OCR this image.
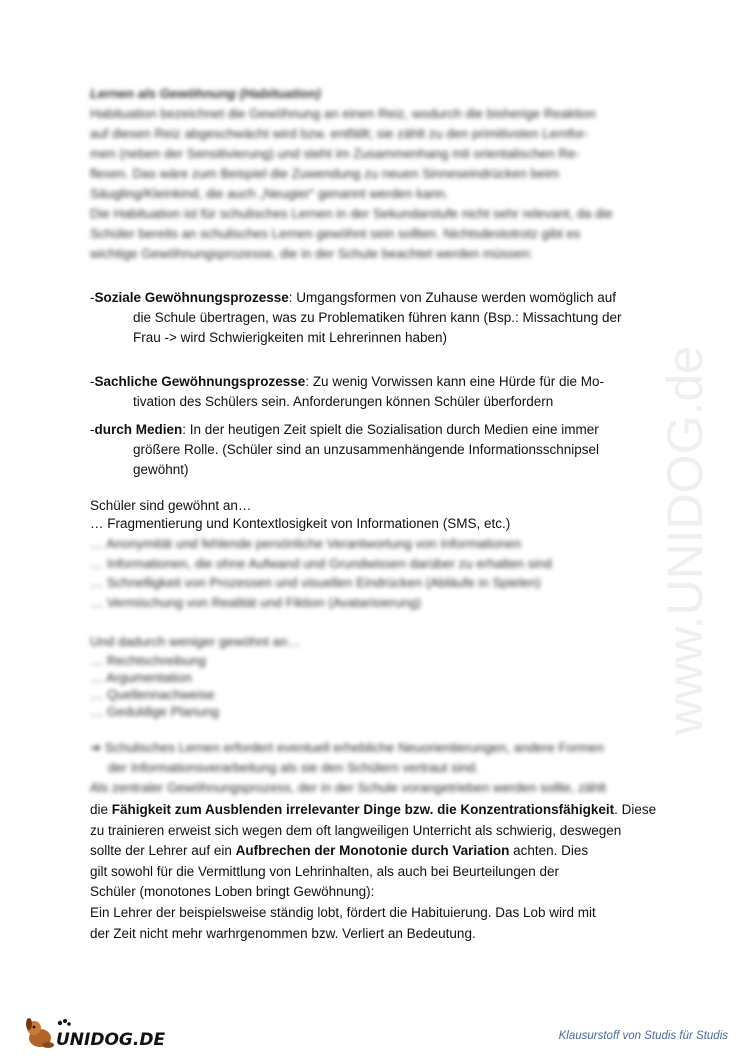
Lernen als Gewöhnung (Habituation)
Habituation bezeichnet die Gewöhnung an einen Reiz, wodurch die bisherige Reaktion
auf diesen Reiz abgeschwächt wird bzw. entfällt; sie zählt zu den primitivsten Lernfor-
men (neben der Sensitivierung) und steht im Zusammenhang mit orientalischen Re-
flexen. Das wäre zum Beispiel die Zuwendung zu neuen Sinneseindrücken beim
Säugling/Kleinkind, die auch „Neugier“ genannt werden kann.
Die Habituation ist für schulisches Lernen in der Sekundarstufe nicht sehr relevant, da die
Schüler bereits an schulisches Lernen gewöhnt sein sollten. Nichtsdestotrotz gibt es
wichtige Gewöhnungsprozesse, die in der Schule beachtet werden müssen:
-Soziale Gewöhnungsprozesse: Umgangsformen von Zuhause werden womöglich auf
die Schule übertragen, was zu Problematiken führen kann (Bsp.: Missachtung der
Frau -> wird Schwierigkeiten mit Lehrerinnen haben)
-Sachliche Gewöhnungsprozesse: Zu wenig Vorwissen kann eine Hürde für die Mo-
tivation des Schülers sein. Anforderungen können Schüler überfordern
-durch Medien: In der heutigen Zeit spielt die Sozialisation durch Medien eine immer
größere Rolle. (Schüler sind an unzusammenhängende Informationsschnipsel
gewöhnt)
Schüler sind gewöhnt an…
… Fragmentierung und Kontextlosigkeit von Informationen (SMS, etc.)
… Anonymität und fehlende persönliche Verantwortung von Informationen
… Informationen, die ohne Aufwand und Grundwissen darüber zu erhalten sind
… Schnelligkeit von Prozessen und visuellen Eindrücken (Abläufe in Spielen)
… Vermischung von Realität und Fiktion (Avatarisierung)
Und dadurch weniger gewöhnt an…
… Rechtschreibung
… Argumentation
… Quellennachweise
… Geduldige Planung
➔ Schulisches Lernen erfordert eventuell erhebliche Neuorientierungen, andere Formen
der Informationsverarbeitung als sie den Schülern vertraut sind.
Als zentraler Gewöhnungsprozess, der in der Schule vorangetrieben werden sollte, zählt
die Fähigkeit zum Ausblenden irrelevanter Dinge bzw. die Konzentrationsfähigkeit. Diese
zu trainieren erweist sich wegen dem oft langweiligen Unterricht als schwierig, deswegen
sollte der Lehrer auf ein Aufbrechen der Monotonie durch Variation achten. Dies
gilt sowohl für die Vermittlung von Lehrinhalten, als auch bei Beurteilungen der
Schüler (monotones Loben bringt Gewöhnung):
Ein Lehrer der beispielsweise ständig lobt, fördert die Habituierung. Das Lob wird mit
der Zeit nicht mehr warhrgenommen bzw. Verliert an Bedeutung.
www.UNIDOG.de
UNIDOG.DE	Klausurstoff von Studis für Studis
